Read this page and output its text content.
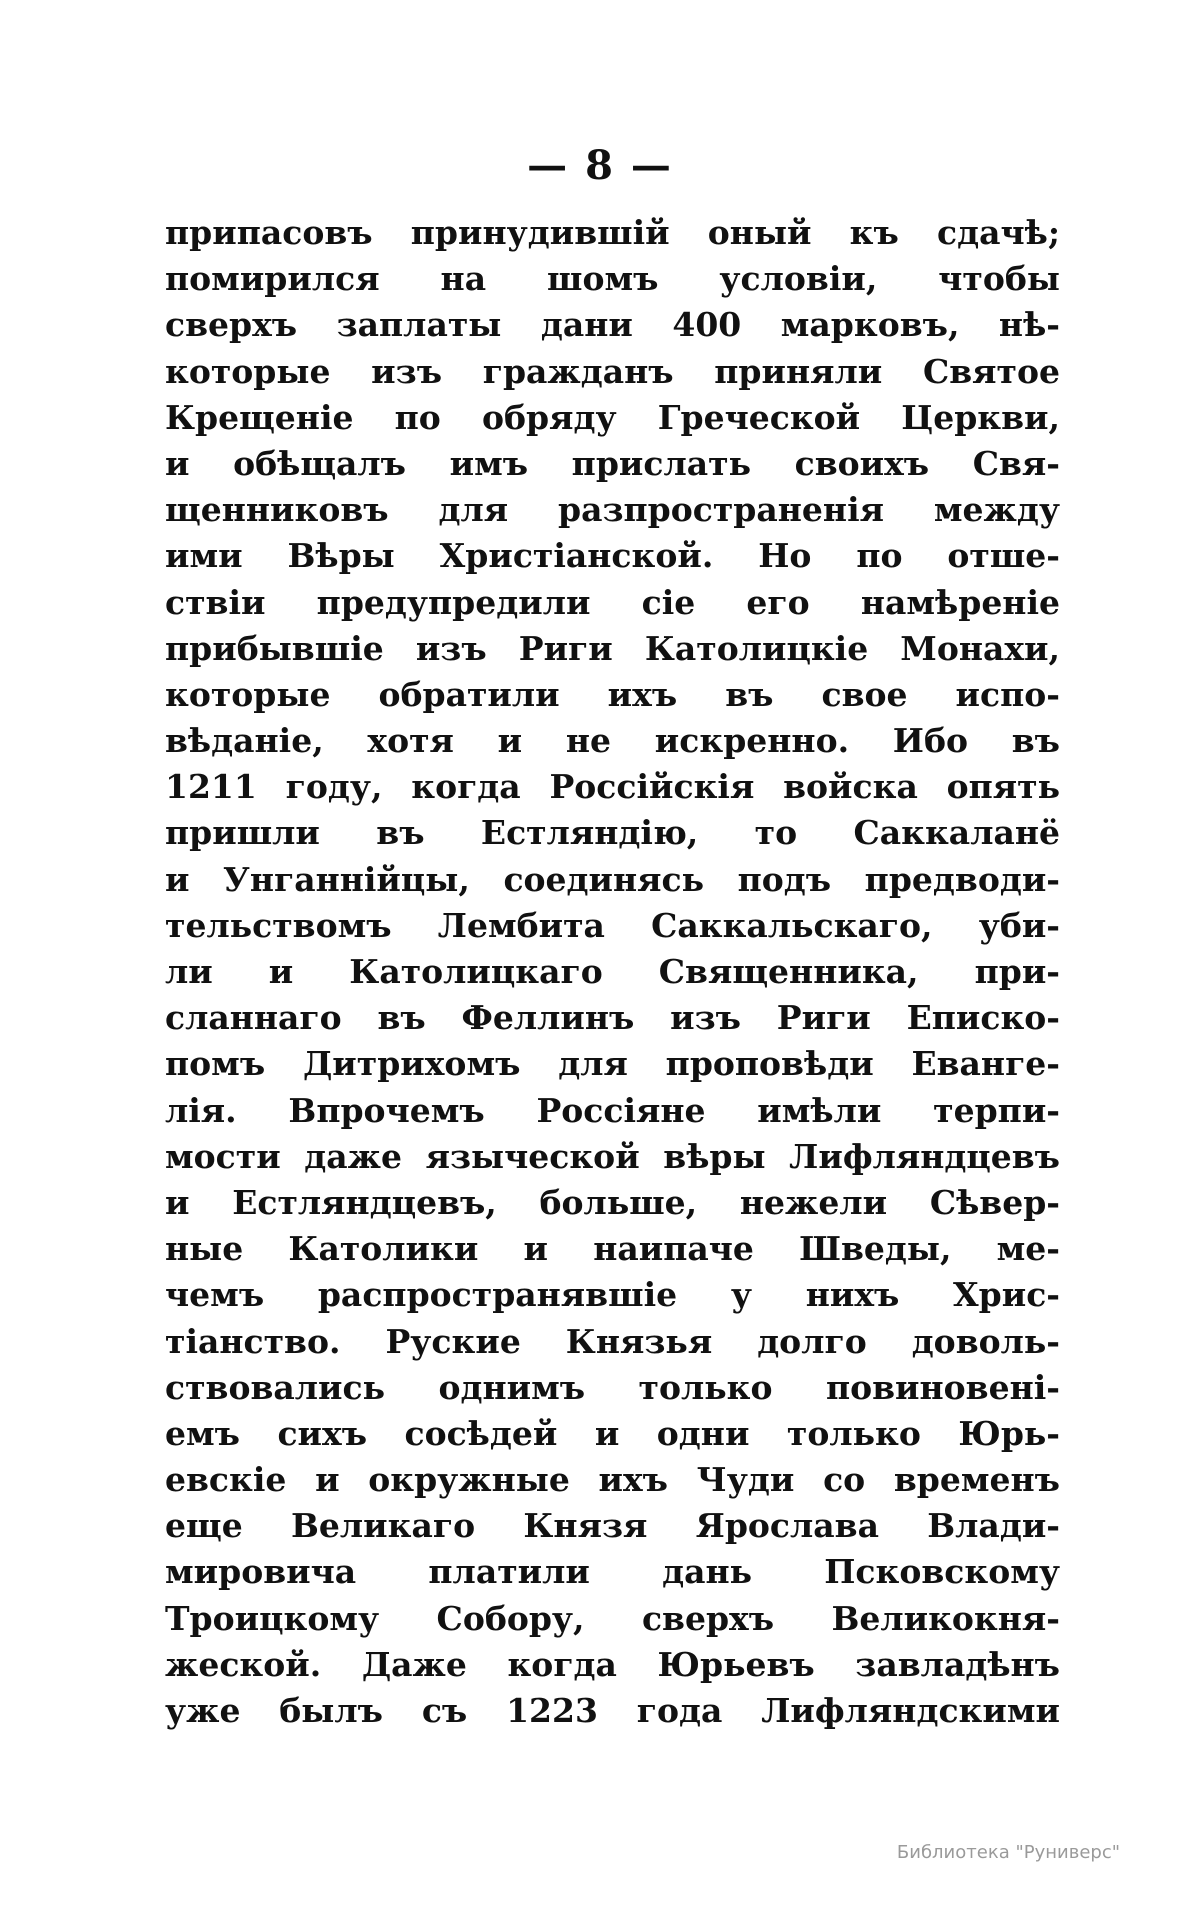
— 8 —
припасовъ принудившій оный къ сдачѣ;
помирился на шомъ условіи, чтобы
сверхъ заплаты дани 400 марковъ, нѣ-
которые изъ гражданъ приняли Святое
Крещеніе по обряду Греческой Церкви,
и обѣщалъ имъ прислать своихъ Свя-
щенниковъ для разпространенія между
ими Вѣры Христіанской. Но по отше-
ствіи предупредили сіе его намѣреніе
прибывшіе изъ Риги Католицкіе Монахи,
которые обратили ихъ въ свое испо-
вѣданіе, хотя и не искренно. Ибо въ
1211 году, когда Россійскія войска опять
пришли въ Естляндію, то Саккаланё
и Унганнійцы, соединясь подъ предводи-
тельствомъ Лембита Саккальскаго, уби-
ли и Католицкаго Священника, при-
сланнаго въ Феллинъ изъ Риги Еписко-
помъ Дитрихомъ для проповѣди Еванге-
лія. Впрочемъ Россіяне имѣли терпи-
мости даже языческой вѣры Лифляндцевъ
и Естляндцевъ, больше, нежели Сѣвер-
ные Католики и наипаче Шведы, ме-
чемъ распространявшіе у нихъ Хрис-
тіанство. Руские Князья долго доволь-
ствовались однимъ только повиновені-
емъ сихъ сосѣдей и одни только Юрь-
евскіе и окружные ихъ Чуди со временъ
еще Великаго Князя Ярослава Влади-
мировича платили дань Псковскому
Троицкому Собору, сверхъ Великокня-
жеской. Даже когда Юрьевъ завладѣнъ
уже былъ съ 1223 года Лифляндскими
Библиотека "Руниверс"
